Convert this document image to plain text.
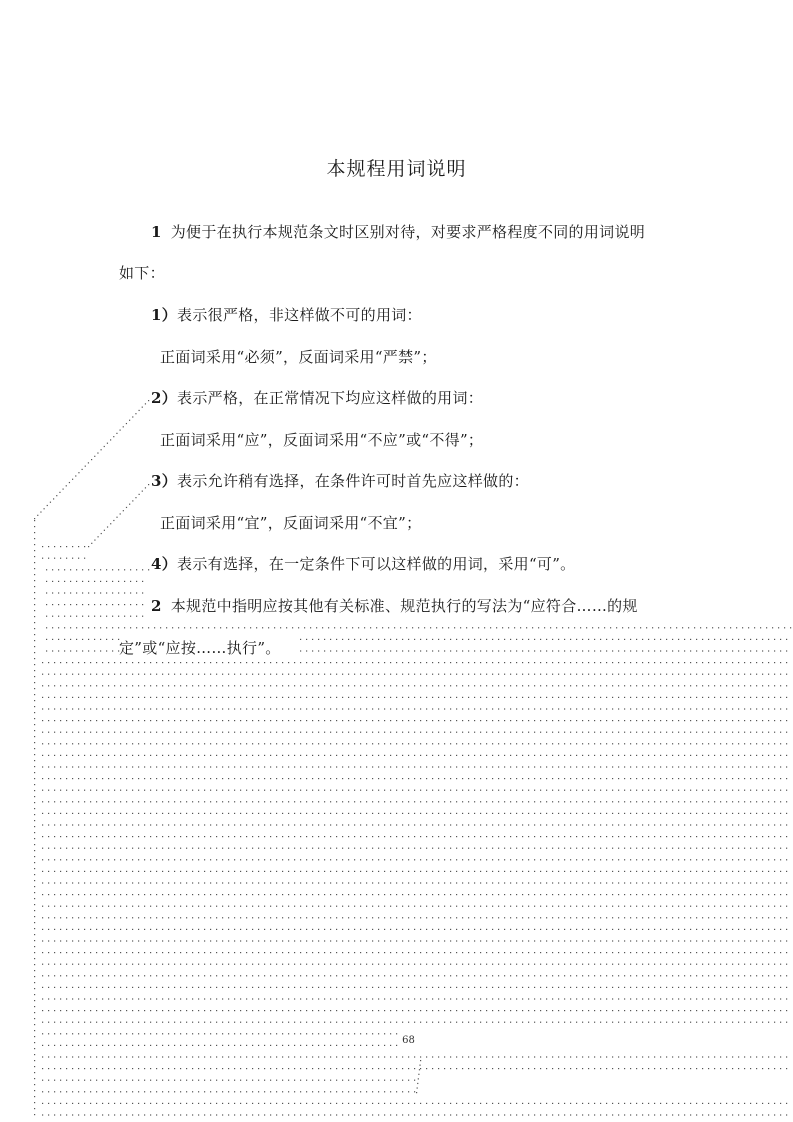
本规程用词说明
1 为便于在执行本规范条文时区别对待，对要求严格程度不同的用词说明
如下：
1）表示很严格，非这样做不可的用词：
正面词采用“必须”，反面词采用“严禁”；
2）表示严格，在正常情况下均应这样做的用词：
正面词采用“应”，反面词采用“不应”或“不得”；
3）表示允许稍有选择，在条件许可时首先应这样做的：
正面词采用“宜”，反面词采用“不宜”；
4）表示有选择，在一定条件下可以这样做的用词，采用“可”。
2 本规范中指明应按其他有关标准、规范执行的写法为“应符合……的规
定”或“应按……执行”。
68
